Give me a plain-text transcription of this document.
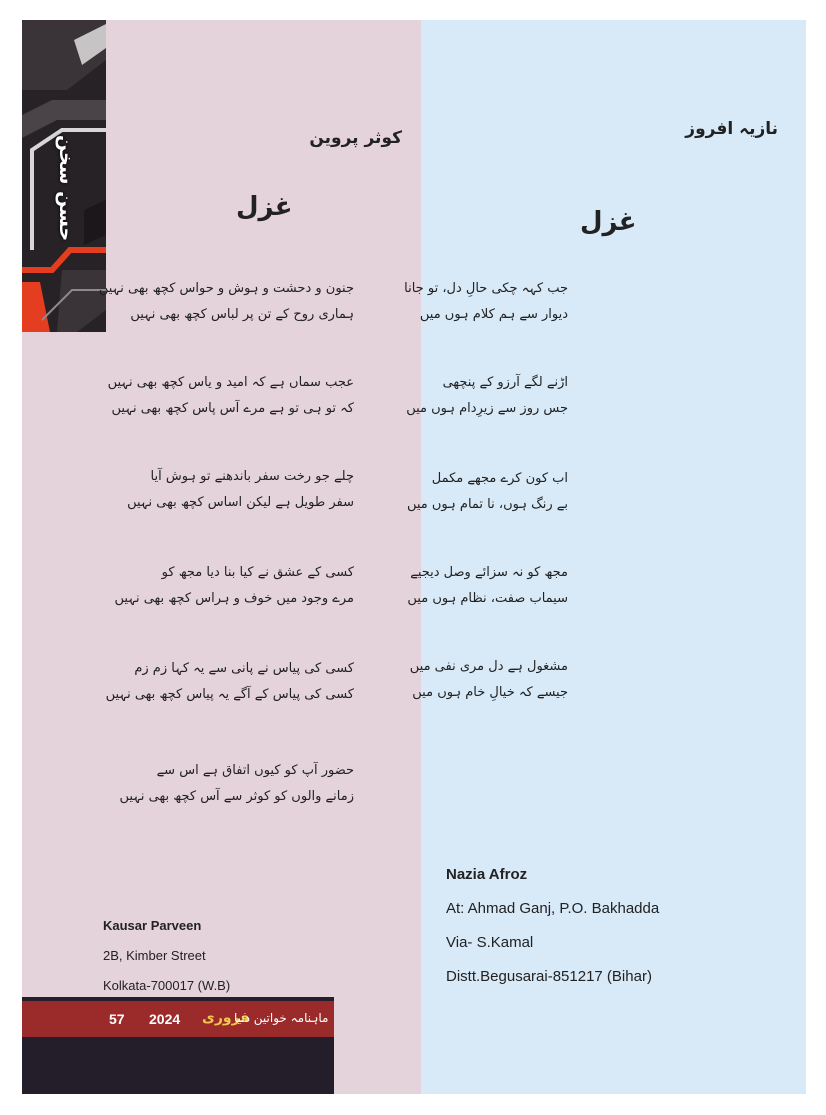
حسن سخن	کوثر پروین
غزل
جنون و دحشت و ہوش و حواس کچھ بھی نہیں
ہماری روح کے تن پر لباس کچھ بھی نہیں
عجب سماں ہے کہ امید و یاس کچھ بھی نہیں
کہ تو ہی تو ہے مرے آس پاس کچھ بھی نہیں
چلے جو رخت سفر باندھنے تو ہوش آیا
سفر طویل ہے لیکن اساس کچھ بھی نہیں
کسی کے عشق نے کیا بنا دیا مجھ کو
مرے وجود میں خوف و ہراس کچھ بھی نہیں
کسی کی پیاس نے پانی سے یہ کہا زم زم
کسی کی پیاس کے آگے یہ پیاس کچھ بھی نہیں
حضور آپ کو کیوں اتفاق ہے اس سے
زمانے والوں کو کوثر سے آس کچھ بھی نہیں
نازیہ افروز
غزل
جب کہہ چکی حالِ دل، تو جانا
دیوار سے ہم کلام ہوں میں
اڑنے لگے آرزو کے پنچھی
جس روز سے زیرِدام ہوں میں
اب کون کرے مجھے مکمل
بے رنگ ہوں، نا تمام ہوں میں
مجھ کو نہ سزائے وصل دیجیے
سیماب صفت، نظام ہوں میں
مشغول ہے دل مری نفی میں
جیسے کہ خیالِ خام ہوں میں
Kausar Parveen
2B, Kimber Street
Kolkata-700017 (W.B)
Nazia Afroz
At: Ahmad Ganj, P.O. Bakhadda
Via- S.Kamal
Distt.Begusarai-851217 (Bihar)
57 2024 فروری
ماہنامہ خواتین دنیا
